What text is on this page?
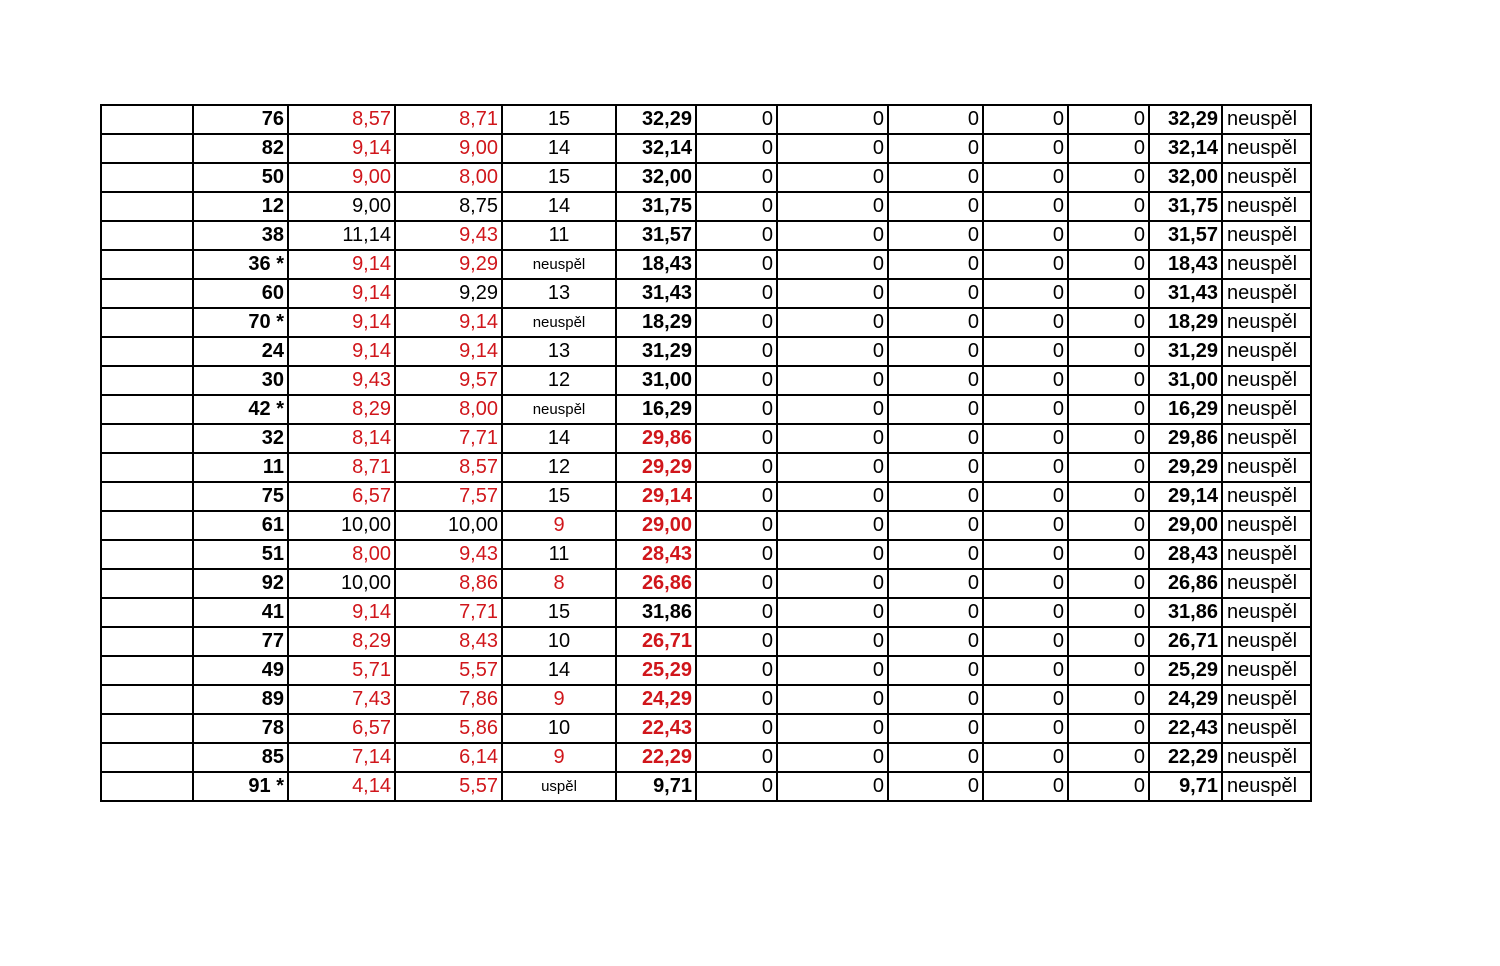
	76	8,57	8,71	15	32,29	0	0	0	0	0	32,29	neuspěl
	82	9,14	9,00	14	32,14	0	0	0	0	0	32,14	neuspěl
	50	9,00	8,00	15	32,00	0	0	0	0	0	32,00	neuspěl
	12	9,00	8,75	14	31,75	0	0	0	0	0	31,75	neuspěl
	38	11,14	9,43	11	31,57	0	0	0	0	0	31,57	neuspěl
	36 *	9,14	9,29	neuspěl	18,43	0	0	0	0	0	18,43	neuspěl
	60	9,14	9,29	13	31,43	0	0	0	0	0	31,43	neuspěl
	70 *	9,14	9,14	neuspěl	18,29	0	0	0	0	0	18,29	neuspěl
	24	9,14	9,14	13	31,29	0	0	0	0	0	31,29	neuspěl
	30	9,43	9,57	12	31,00	0	0	0	0	0	31,00	neuspěl
	42 *	8,29	8,00	neuspěl	16,29	0	0	0	0	0	16,29	neuspěl
	32	8,14	7,71	14	29,86	0	0	0	0	0	29,86	neuspěl
	11	8,71	8,57	12	29,29	0	0	0	0	0	29,29	neuspěl
	75	6,57	7,57	15	29,14	0	0	0	0	0	29,14	neuspěl
	61	10,00	10,00	9	29,00	0	0	0	0	0	29,00	neuspěl
	51	8,00	9,43	11	28,43	0	0	0	0	0	28,43	neuspěl
	92	10,00	8,86	8	26,86	0	0	0	0	0	26,86	neuspěl
	41	9,14	7,71	15	31,86	0	0	0	0	0	31,86	neuspěl
	77	8,29	8,43	10	26,71	0	0	0	0	0	26,71	neuspěl
	49	5,71	5,57	14	25,29	0	0	0	0	0	25,29	neuspěl
	89	7,43	7,86	9	24,29	0	0	0	0	0	24,29	neuspěl
	78	6,57	5,86	10	22,43	0	0	0	0	0	22,43	neuspěl
	85	7,14	6,14	9	22,29	0	0	0	0	0	22,29	neuspěl
	91 *	4,14	5,57	uspěl	9,71	0	0	0	0	0	9,71	neuspěl
